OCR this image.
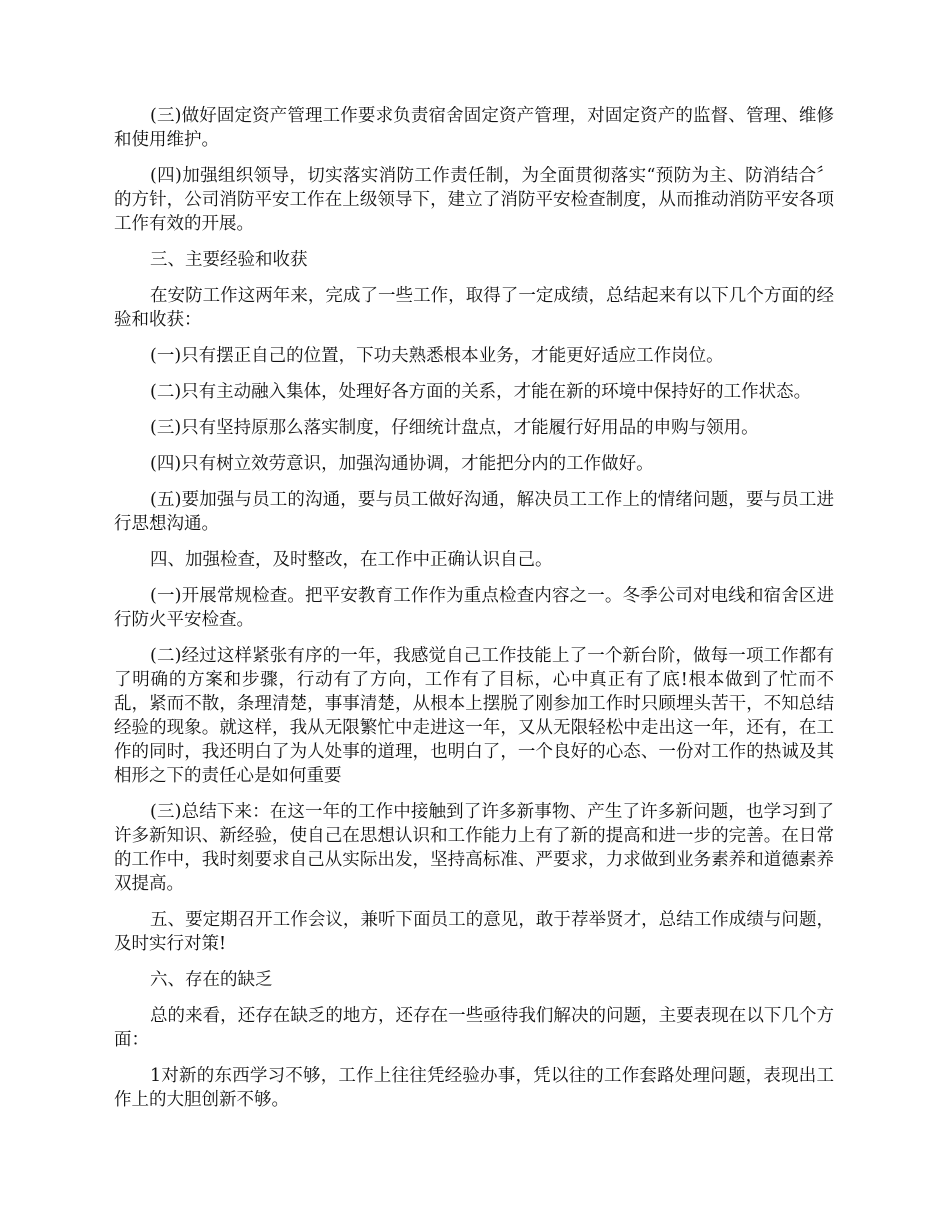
(三)做好固定资产管理工作要求负责宿舍固定资产管理，对固定资产的监督、管理、维修和使用维护。

(四)加强组织领导，切实落实消防工作责任制，为全面贯彻落实“预防为主、防消结合〞的方针，公司消防平安工作在上级领导下，建立了消防平安检查制度，从而推动消防平安各项工作有效的开展。

三、主要经验和收获

在安防工作这两年来，完成了一些工作，取得了一定成绩，总结起来有以下几个方面的经验和收获：

(一)只有摆正自己的位置，下功夫熟悉根本业务，才能更好适应工作岗位。

(二)只有主动融入集体，处理好各方面的关系，才能在新的环境中保持好的工作状态。

(三)只有坚持原那么落实制度，仔细统计盘点，才能履行好用品的申购与领用。

(四)只有树立效劳意识，加强沟通协调，才能把分内的工作做好。

(五)要加强与员工的沟通，要与员工做好沟通，解决员工工作上的情绪问题，要与员工进行思想沟通。

四、加强检查，及时整改，在工作中正确认识自己。

(一)开展常规检查。把平安教育工作作为重点检查内容之一。冬季公司对电线和宿舍区进行防火平安检查。

(二)经过这样紧张有序的一年，我感觉自己工作技能上了一个新台阶，做每一项工作都有了明确的方案和步骤，行动有了方向，工作有了目标，心中真正有了底!根本做到了忙而不乱，紧而不散，条理清楚，事事清楚，从根本上摆脱了刚参加工作时只顾埋头苦干，不知总结经验的现象。就这样，我从无限繁忙中走进这一年，又从无限轻松中走出这一年，还有，在工作的同时，我还明白了为人处事的道理，也明白了，一个良好的心态、一份对工作的热诚及其相形之下的责任心是如何重要

(三)总结下来：在这一年的工作中接触到了许多新事物、产生了许多新问题，也学习到了许多新知识、新经验，使自己在思想认识和工作能力上有了新的提高和进一步的完善。在日常的工作中，我时刻要求自己从实际出发，坚持高标准、严要求，力求做到业务素养和道德素养双提高。

五、要定期召开工作会议，兼听下面员工的意见，敢于荐举贤才，总结工作成绩与问题，及时实行对策!

六、存在的缺乏

总的来看，还存在缺乏的地方，还存在一些亟待我们解决的问题，主要表现在以下几个方面：

1对新的东西学习不够，工作上往往凭经验办事，凭以往的工作套路处理问题，表现出工作上的大胆创新不够。
